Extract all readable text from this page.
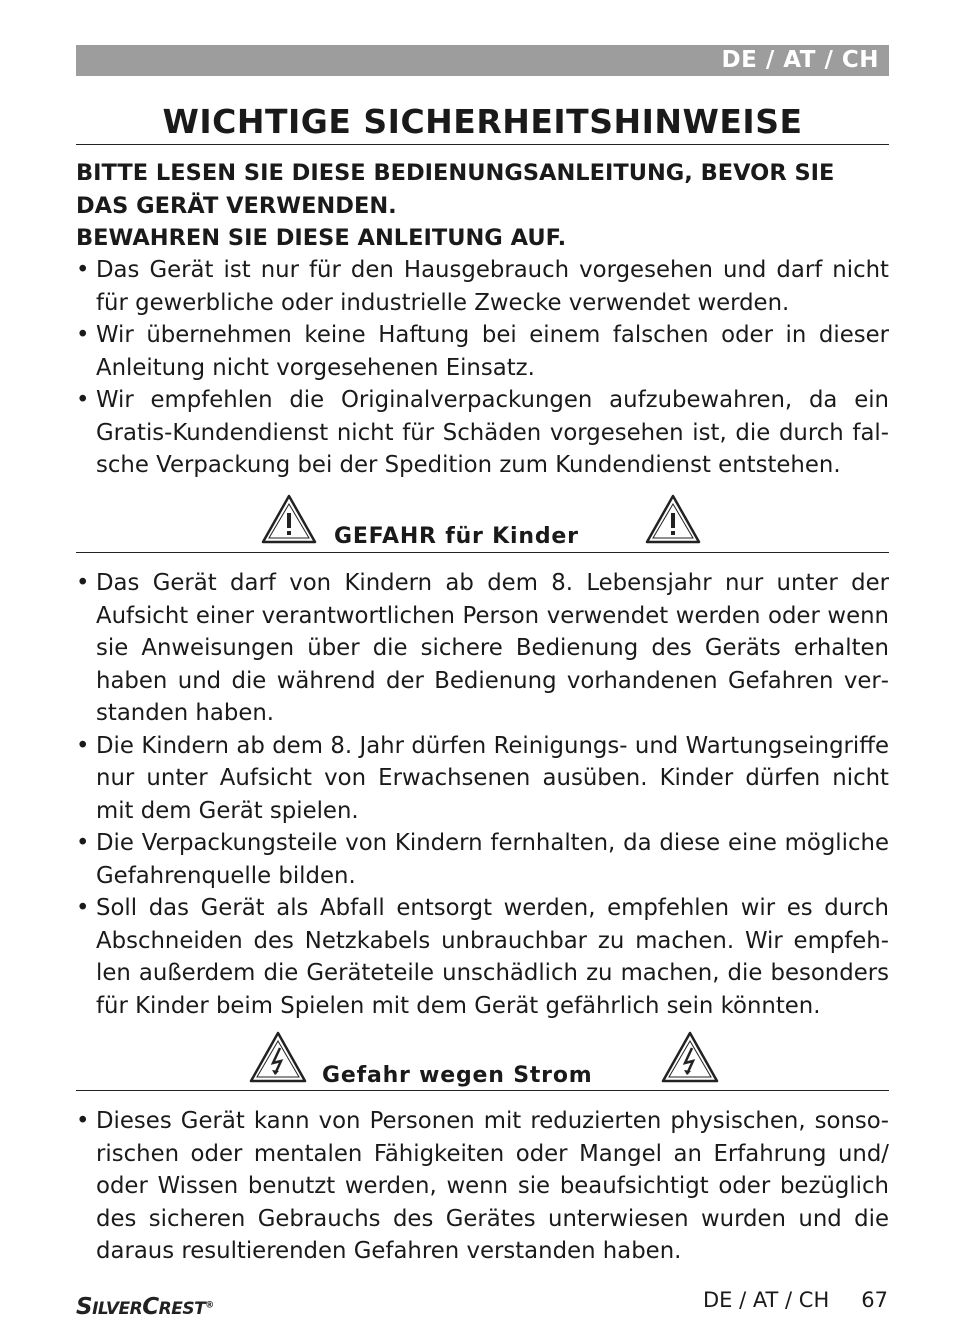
DE / AT / CH
WICHTIGE SICHERHEITSHINWEISE
BITTE LESEN SIE DIESE BEDIENUNGSANLEITUNG, BEVOR SIE
DAS GERÄT VERWENDEN.
BEWAHREN SIE DIESE ANLEITUNG AUF.
• Das Gerät ist nur für den Hausgebrauch vorgesehen und darf nicht für gewerbliche oder industrielle Zwecke verwendet werden.
• Wir übernehmen keine Haftung bei einem falschen oder in dieser Anleitung nicht vorgesehenen Einsatz.
• Wir empfehlen die Originalverpackungen aufzubewahren, da ein Gratis-Kundendienst nicht für Schäden vorgesehen ist, die durch falsche Verpackung bei der Spedition zum Kundendienst entstehen.
GEFAHR für Kinder
• Das Gerät darf von Kindern ab dem 8. Lebensjahr nur unter der Aufsicht einer verantwortlichen Person verwendet werden oder wenn sie Anweisungen über die sichere Bedienung des Geräts erhalten haben und die während der Bedienung vorhandenen Gefahren verstanden haben.
• Die Kindern ab dem 8. Jahr dürfen Reinigungs- und Wartungseingriffe nur unter Aufsicht von Erwachsenen ausüben. Kinder dürfen nicht mit dem Gerät spielen.
• Die Verpackungsteile von Kindern fernhalten, da diese eine mögliche Gefahrenquelle bilden.
• Soll das Gerät als Abfall entsorgt werden, empfehlen wir es durch Abschneiden des Netzkabels unbrauchbar zu machen. Wir empfehlen außerdem die Geräteteile unschädlich zu machen, die besonders für Kinder beim Spielen mit dem Gerät gefährlich sein könnten.
Gefahr wegen Strom
• Dieses Gerät kann von Personen mit reduzierten physischen, sonsorischen oder mentalen Fähigkeiten oder Mangel an Erfahrung und/ oder Wissen benutzt werden, wenn sie beaufsichtigt oder bezüglich des sicheren Gebrauchs des Gerätes unterwiesen wurden und die daraus resultierenden Gefahren verstanden haben.
SILVERCREST®	DE / AT / CH 67
